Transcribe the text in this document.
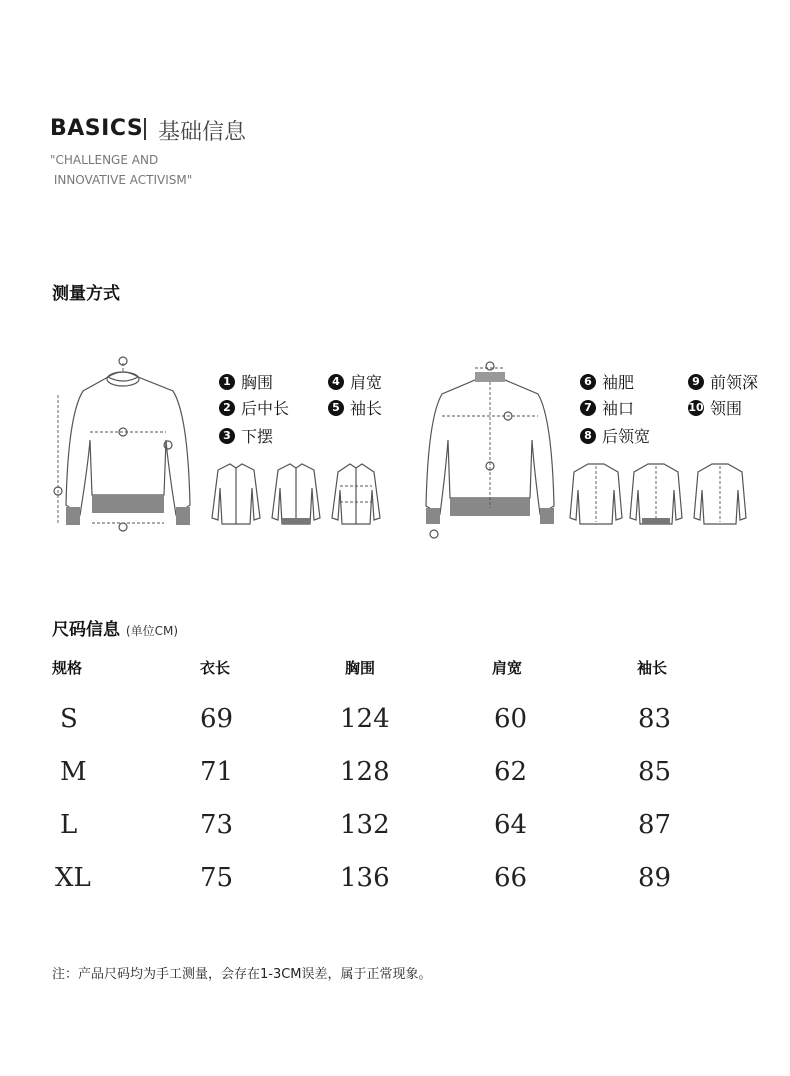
BASICS 基础信息
"CHALLENGE AND
INNOVATIVE ACTIVISM"
测量方式
1 胸围
2 后中长
3 下摆
4 肩宽
5 袖长
6 袖肥
7 袖口
8 后领宽
9 前领深
10 领围
尺码信息 (单位CM)
规格	衣长	胸围	肩宽	袖长
S	69	124	60	83
M	71	128	62	85
L	73	132	64	87
XL	75	136	66	89
注：产品尺码均为手工测量，会存在1-3CM误差，属于正常现象。
